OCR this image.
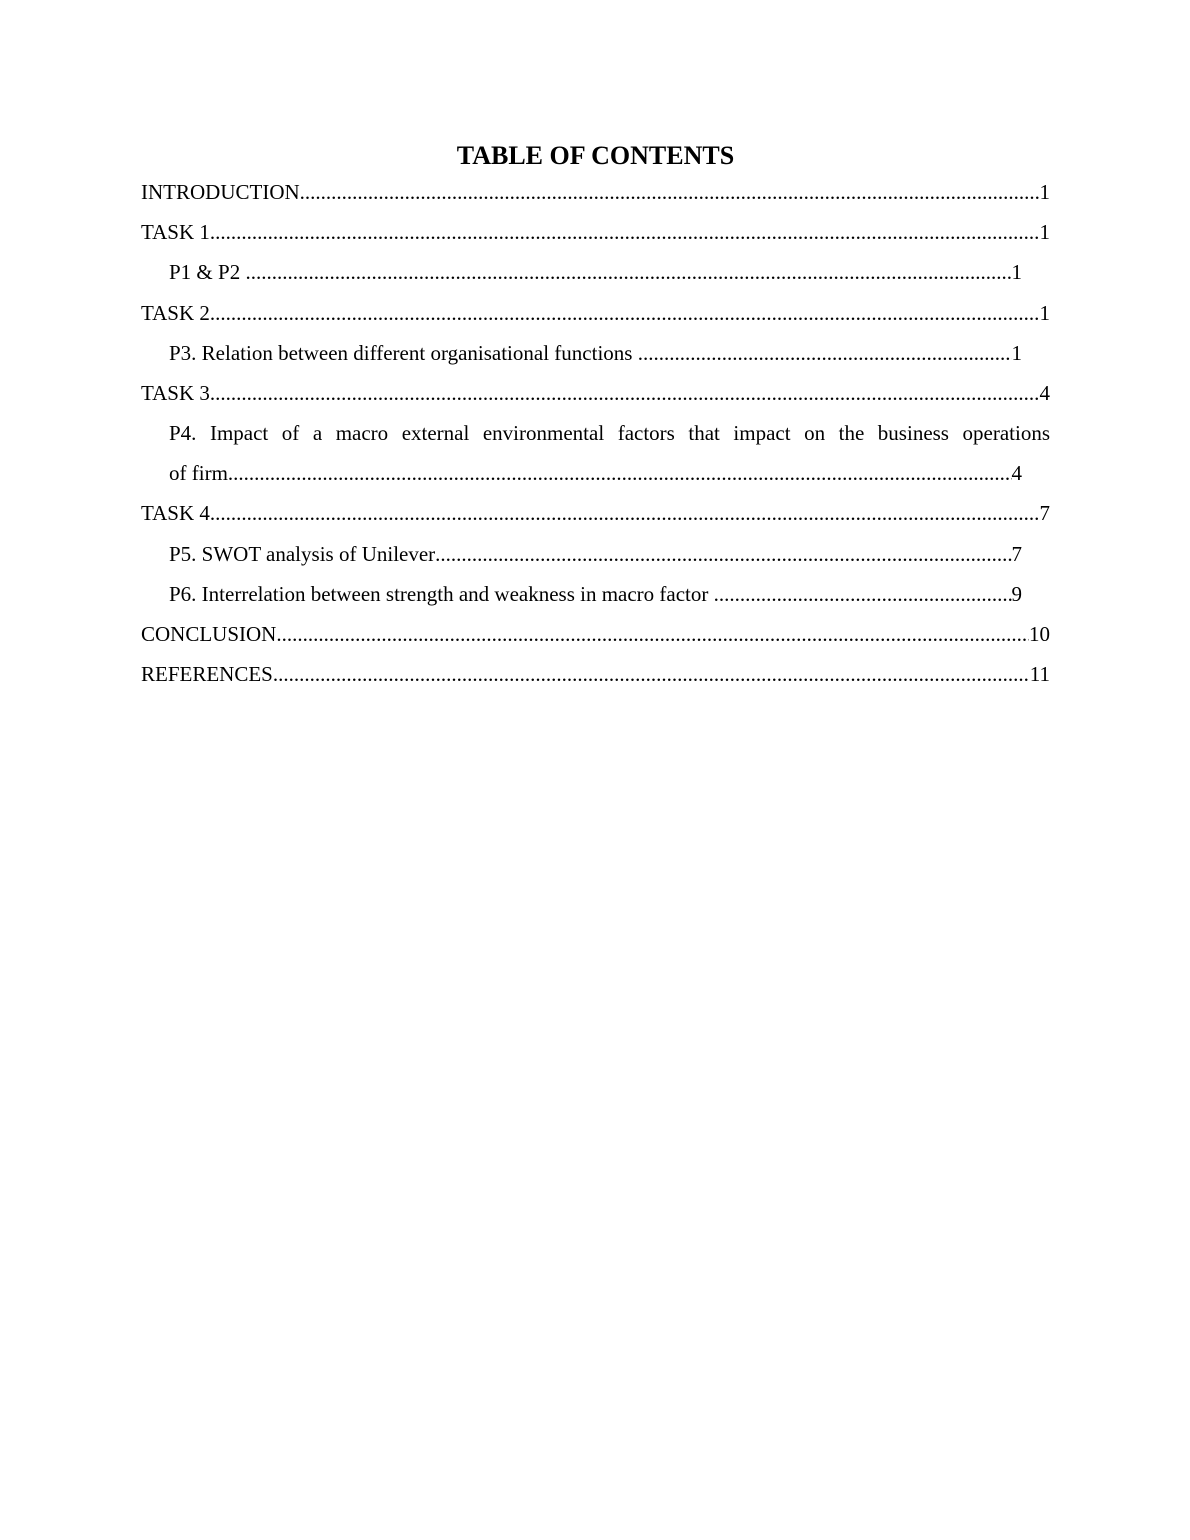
TABLE OF CONTENTS
INTRODUCTION .....	1
TASK 1 .....	1
P1 & P2 .....	1
TASK 2 .....	1
P3. Relation between different organisational functions .....	1
TASK 3 .....	4
P4. Impact of a macro external environmental factors that impact on the business operations
of firm .....	4
TASK 4 .....	7
P5. SWOT analysis of Unilever .....	7
P6. Interrelation between strength and weakness in macro factor .....	9
CONCLUSION .....	10
REFERENCES .....	11
